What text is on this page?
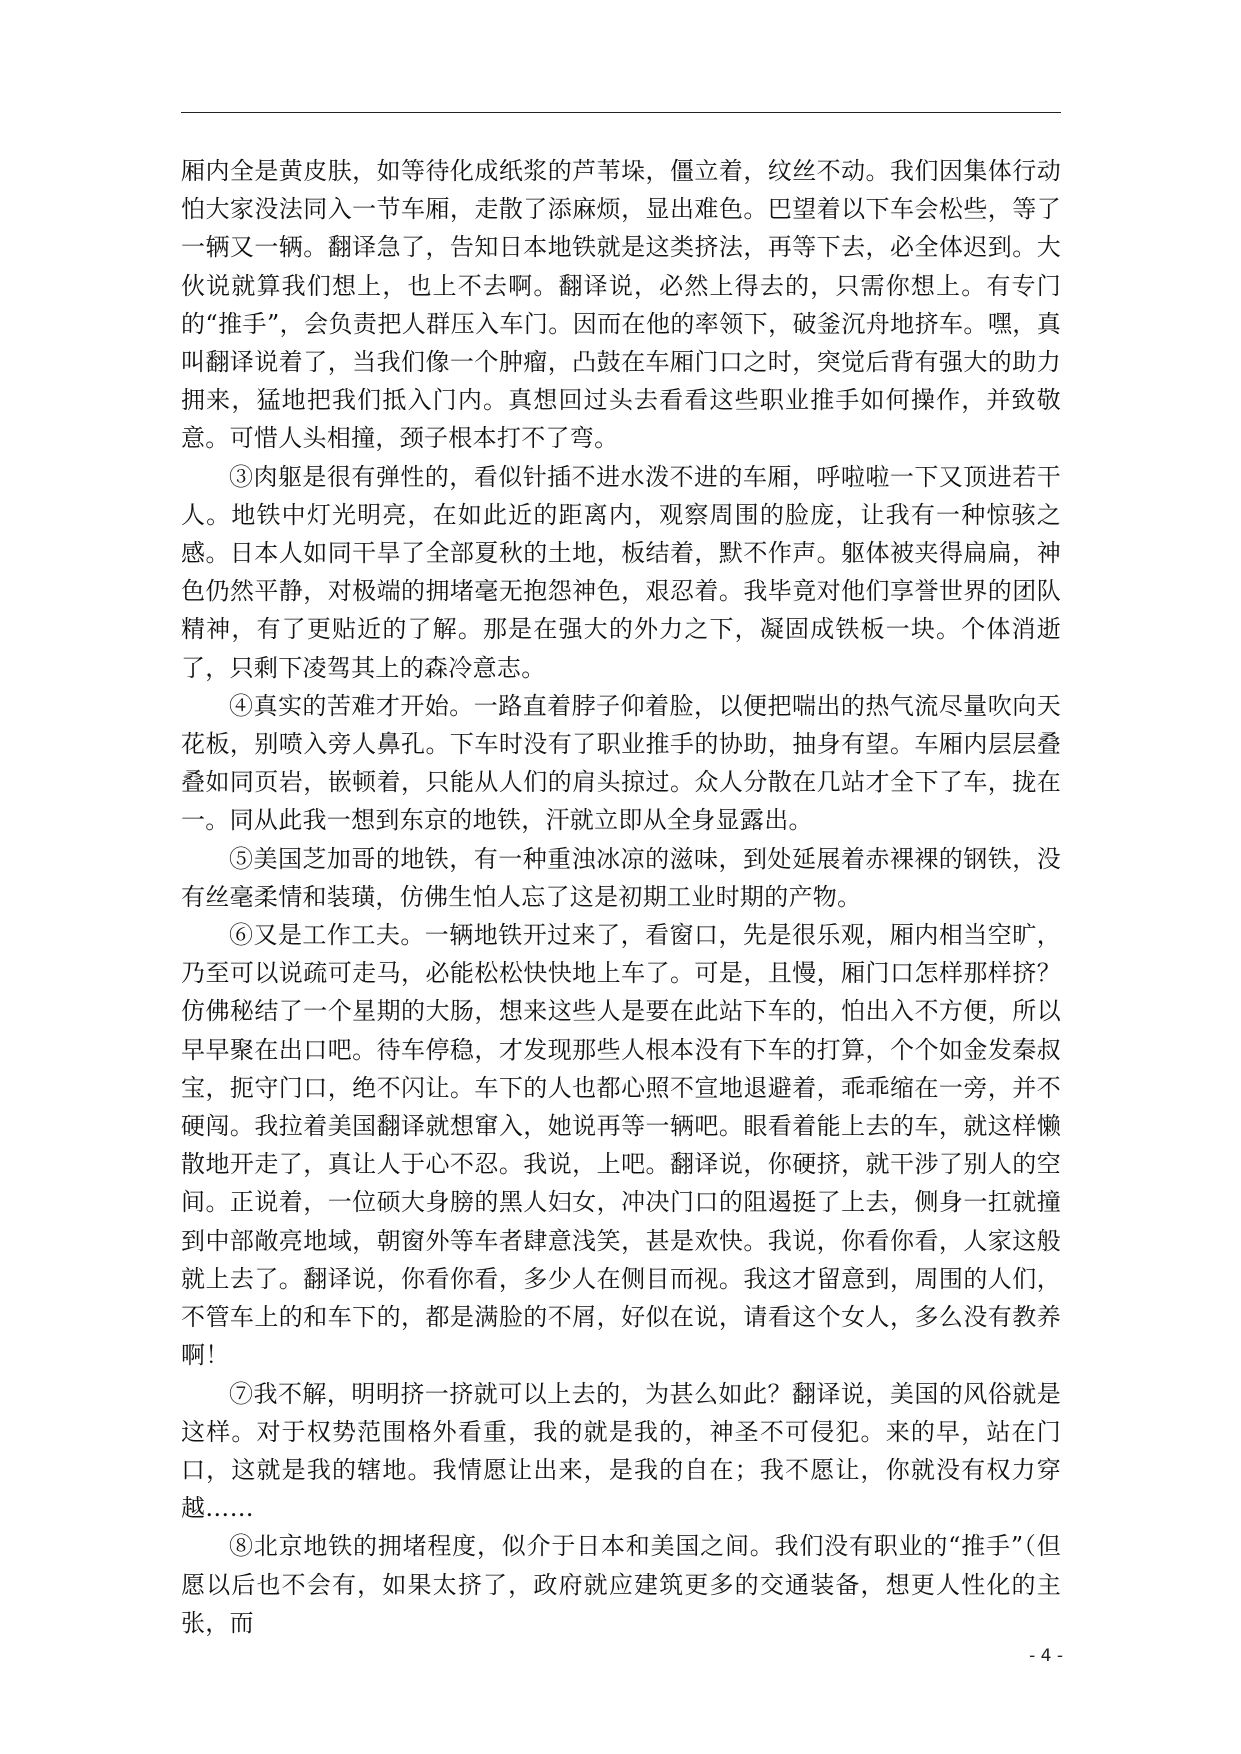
厢内全是黄皮肤，如等待化成纸浆的芦苇垛，僵立着，纹丝不动。我们因集体行动怕大家没法同入一节车厢，走散了添麻烦，显出难色。巴望着以下车会松些，等了一辆又一辆。翻译急了，告知日本地铁就是这类挤法，再等下去，必全体迟到。大伙说就算我们想上，也上不去啊。翻译说，必然上得去的，只需你想上。有专门的“推手”，会负责把人群压入车门。因而在他的率领下，破釜沉舟地挤车。嘿，真叫翻译说着了，当我们像一个肿瘤，凸鼓在车厢门口之时，突觉后背有强大的助力拥来，猛地把我们抵入门内。真想回过头去看看这些职业推手如何操作，并致敬意。可惜人头相撞，颈子根本打不了弯。

③肉躯是很有弹性的，看似针插不进水泼不进的车厢，呼啦啦一下又顶进若干人。地铁中灯光明亮，在如此近的距离内，观察周围的脸庞，让我有一种惊骇之感。日本人如同干旱了全部夏秋的土地，板结着，默不作声。躯体被夹得扁扁，神色仍然平静，对极端的拥堵毫无抱怨神色，艰忍着。我毕竟对他们享誉世界的团队精神，有了更贴近的了解。那是在强大的外力之下，凝固成铁板一块。个体消逝了，只剩下凌驾其上的森冷意志。

④真实的苦难才开始。一路直着脖子仰着脸，以便把喘出的热气流尽量吹向天花板，别喷入旁人鼻孔。下车时没有了职业推手的协助，抽身有望。车厢内层层叠叠如同页岩，嵌顿着，只能从人们的肩头掠过。众人分散在几站才全下了车，拢在一。同从此我一想到东京的地铁，汗就立即从全身显露出。

⑤美国芝加哥的地铁，有一种重浊冰凉的滋味，到处延展着赤裸裸的钢铁，没有丝毫柔情和装璜，仿佛生怕人忘了这是初期工业时期的产物。

⑥又是工作工夫。一辆地铁开过来了，看窗口，先是很乐观，厢内相当空旷，乃至可以说疏可走马，必能松松快快地上车了。可是，且慢，厢门口怎样那样挤？仿佛秘结了一个星期的大肠，想来这些人是要在此站下车的，怕出入不方便，所以早早聚在出口吧。待车停稳，才发现那些人根本没有下车的打算，个个如金发秦叔宝，扼守门口，绝不闪让。车下的人也都心照不宣地退避着，乖乖缩在一旁，并不硬闯。我拉着美国翻译就想窜入，她说再等一辆吧。眼看着能上去的车，就这样懒散地开走了，真让人于心不忍。我说，上吧。翻译说，你硬挤，就干涉了别人的空间。正说着，一位硕大身膀的黑人妇女，冲决门口的阻遏挺了上去，侧身一扛就撞到中部敞亮地域，朝窗外等车者肆意浅笑，甚是欢快。我说，你看你看，人家这般就上去了。翻译说，你看你看，多少人在侧目而视。我这才留意到，周围的人们，不管车上的和车下的，都是满脸的不屑，好似在说，请看这个女人，多么没有教养啊！

⑦我不解，明明挤一挤就可以上去的，为甚么如此？翻译说，美国的风俗就是这样。对于权势范围格外看重，我的就是我的，神圣不可侵犯。来的早，站在门口，这就是我的辖地。我情愿让出来，是我的自在；我不愿让，你就没有权力穿越……

⑧北京地铁的拥堵程度，似介于日本和美国之间。我们没有职业的“推手”（但愿以后也不会有，如果太挤了，政府就应建筑更多的交通装备，想更人性化的主张，而

- 4 -
